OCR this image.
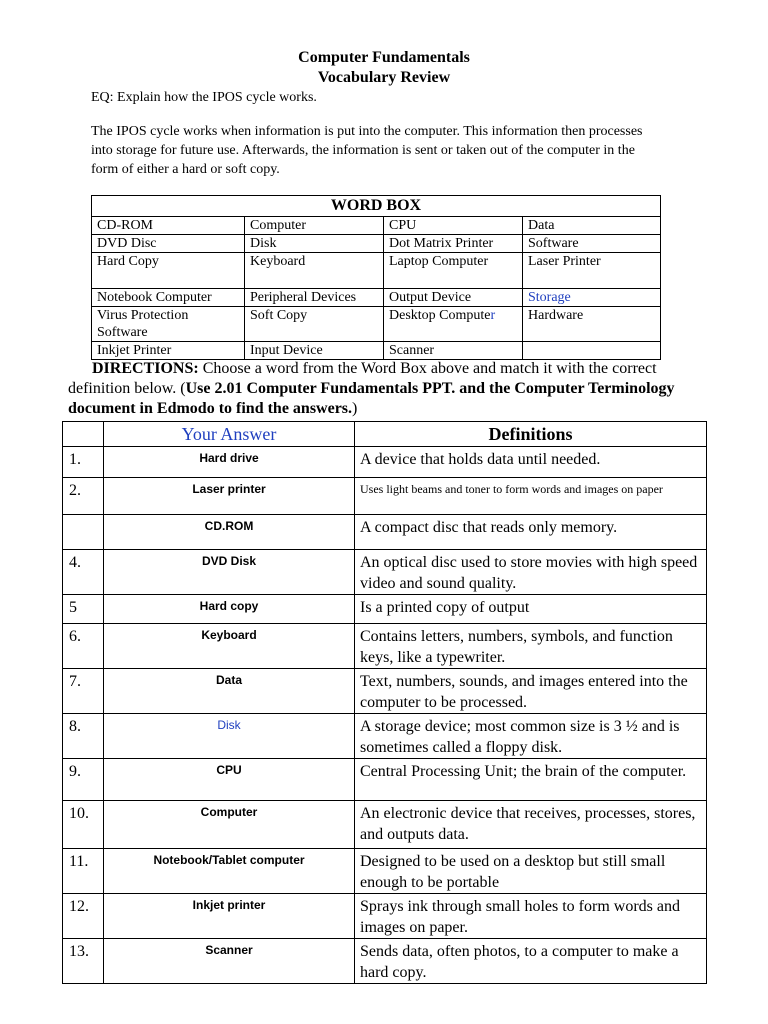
Computer Fundamentals
Vocabulary Review
EQ: Explain how the IPOS cycle works.
The IPOS cycle works when information is put into the computer. This information then processes into storage for future use. Afterwards, the information is sent or taken out of the computer in the form of either a hard or soft copy.
WORD BOX			
CD-ROM	Computer	CPU	Data
DVD Disc	Disk	Dot Matrix Printer	Software
Hard Copy	Keyboard	Laptop Computer	Laser Printer
Notebook Computer	Peripheral Devices	Output Device	Storage
Virus Protection Software	Soft Copy	Desktop Computer	Hardware
Inkjet Printer	Input Device	Scanner	
DIRECTIONS: Choose a word from the Word Box above and match it with the correct definition below. (Use 2.01 Computer Fundamentals PPT. and the Computer Terminology document in Edmodo to find the answers.)
	Your Answer	Definitions
1.	Hard drive	A device that holds data until needed.
2.	Laser printer	Uses light beams and toner to form words and images on paper
	CD.ROM	A compact disc that reads only memory.
4.	DVD Disk	An optical disc used to store movies with high speed video and sound quality.
5	Hard copy	Is a printed copy of output
6.	Keyboard	Contains letters, numbers, symbols, and function keys, like a typewriter.
7.	Data	Text, numbers, sounds, and images entered into the computer to be processed.
8.	Disk	A storage device; most common size is 3 ½ and is sometimes called a floppy disk.
9.	CPU	Central Processing Unit; the brain of the computer.
10.	Computer	An electronic device that receives, processes, stores, and outputs data.
11.	Notebook/Tablet computer	Designed to be used on a desktop but still small enough to be portable
12.	Inkjet printer	Sprays ink through small holes to form words and images on paper.
13.	Scanner	Sends data, often photos, to a computer to make a hard copy.
